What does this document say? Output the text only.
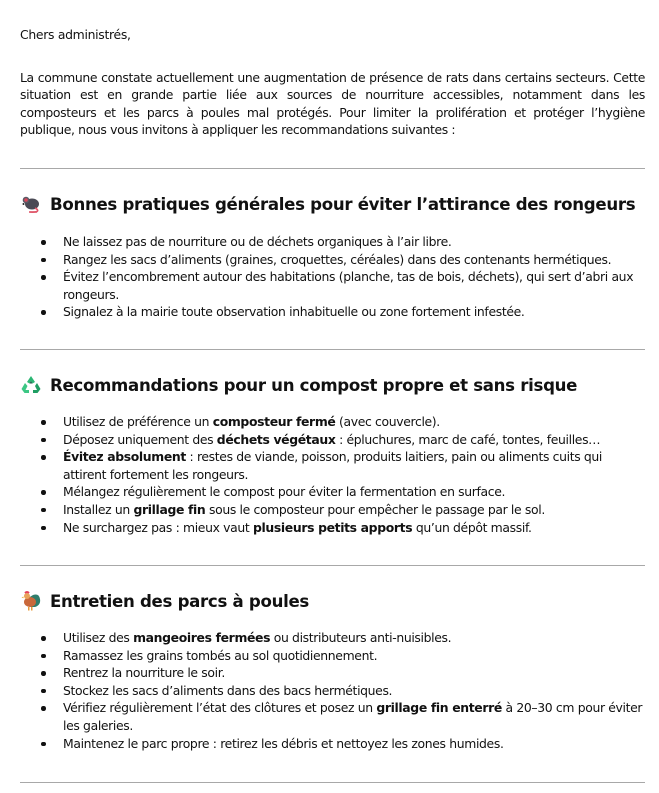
Chers administrés,
La commune constate actuellement une augmentation de présence de rats dans certains secteurs. Cette situation est en grande partie liée aux sources de nourriture accessibles, notamment dans les composteurs et les parcs à poules mal protégés. Pour limiter la prolifération et protéger l’hygiène publique, nous vous invitons à appliquer les recommandations suivantes :
Bonnes pratiques générales pour éviter l’attirance des rongeurs
Ne laissez pas de nourriture ou de déchets organiques à l’air libre.
Rangez les sacs d’aliments (graines, croquettes, céréales) dans des contenants hermétiques.
Évitez l’encombrement autour des habitations (planche, tas de bois, déchets), qui sert d’abri aux rongeurs.
Signalez à la mairie toute observation inhabituelle ou zone fortement infestée.
Recommandations pour un compost propre et sans risque
Utilisez de préférence un composteur fermé (avec couvercle).
Déposez uniquement des déchets végétaux : épluchures, marc de café, tontes, feuilles…
Évitez absolument : restes de viande, poisson, produits laitiers, pain ou aliments cuits qui attirent fortement les rongeurs.
Mélangez régulièrement le compost pour éviter la fermentation en surface.
Installez un grillage fin sous le composteur pour empêcher le passage par le sol.
Ne surchargez pas : mieux vaut plusieurs petits apports qu’un dépôt massif.
Entretien des parcs à poules
Utilisez des mangeoires fermées ou distributeurs anti-nuisibles.
Ramassez les grains tombés au sol quotidiennement.
Rentrez la nourriture le soir.
Stockez les sacs d’aliments dans des bacs hermétiques.
Vérifiez régulièrement l’état des clôtures et posez un grillage fin enterré à 20–30 cm pour éviter les galeries.
Maintenez le parc propre : retirez les débris et nettoyez les zones humides.
